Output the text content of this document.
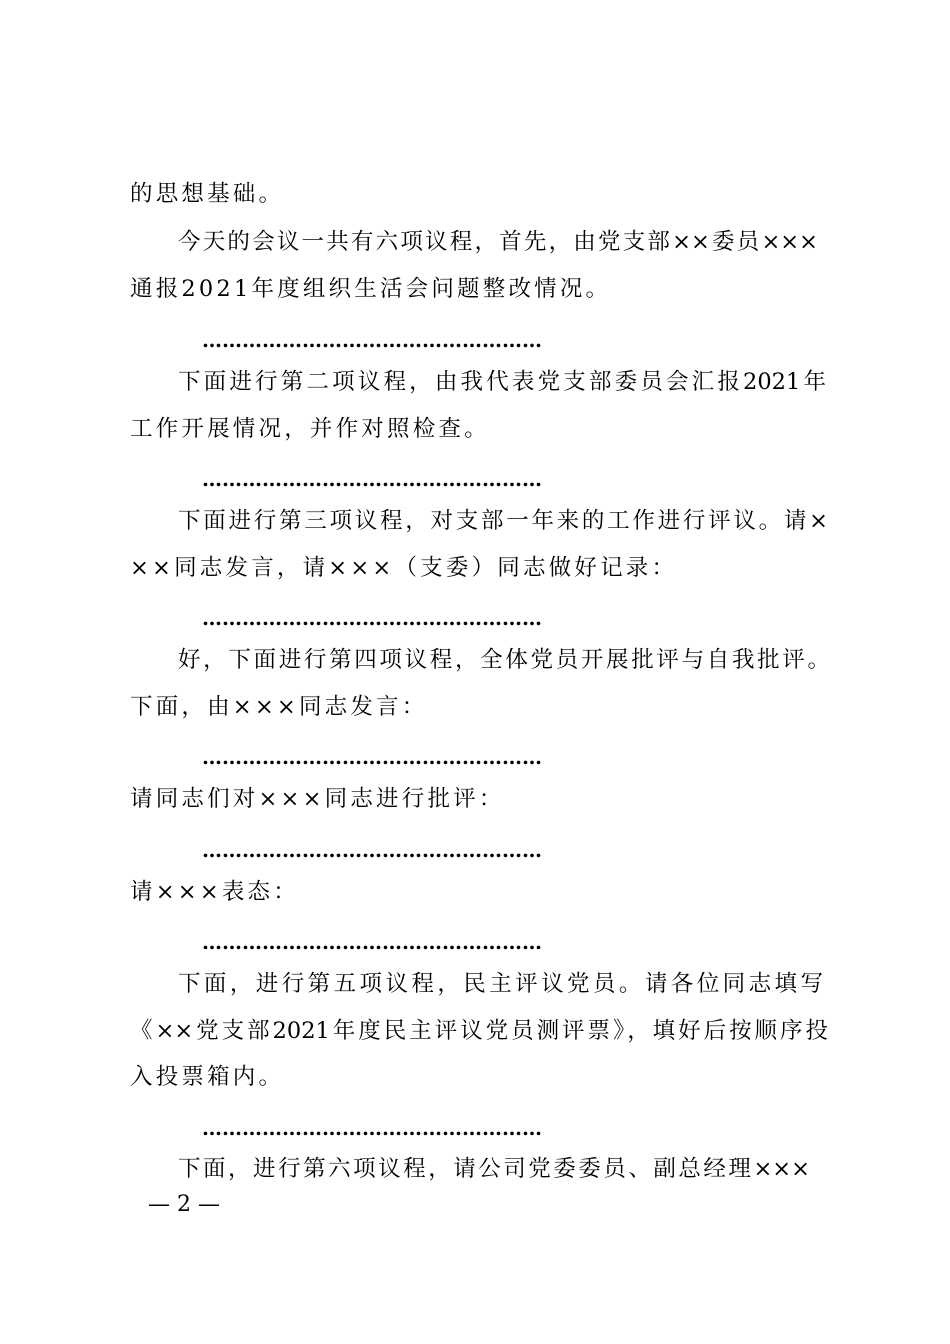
的思想基础。
今天的会议一共有六项议程，首先，由党支部××委员×××
通报2021年度组织生活会问题整改情况。
……………………………………………
下面进行第二项议程，由我代表党支部委员会汇报2021年
工作开展情况，并作对照检查。
……………………………………………
下面进行第三项议程，对支部一年来的工作进行评议。请×
××同志发言，请×××（支委）同志做好记录：
……………………………………………
好，下面进行第四项议程，全体党员开展批评与自我批评。
下面，由×××同志发言：
……………………………………………
请同志们对×××同志进行批评：
……………………………………………
请×××表态：
……………………………………………
下面，进行第五项议程，民主评议党员。请各位同志填写
《××党支部2021年度民主评议党员测评票》，填好后按顺序投
入投票箱内。
……………………………………………
下面，进行第六项议程，请公司党委委员、副总经理×××
— 2 —
